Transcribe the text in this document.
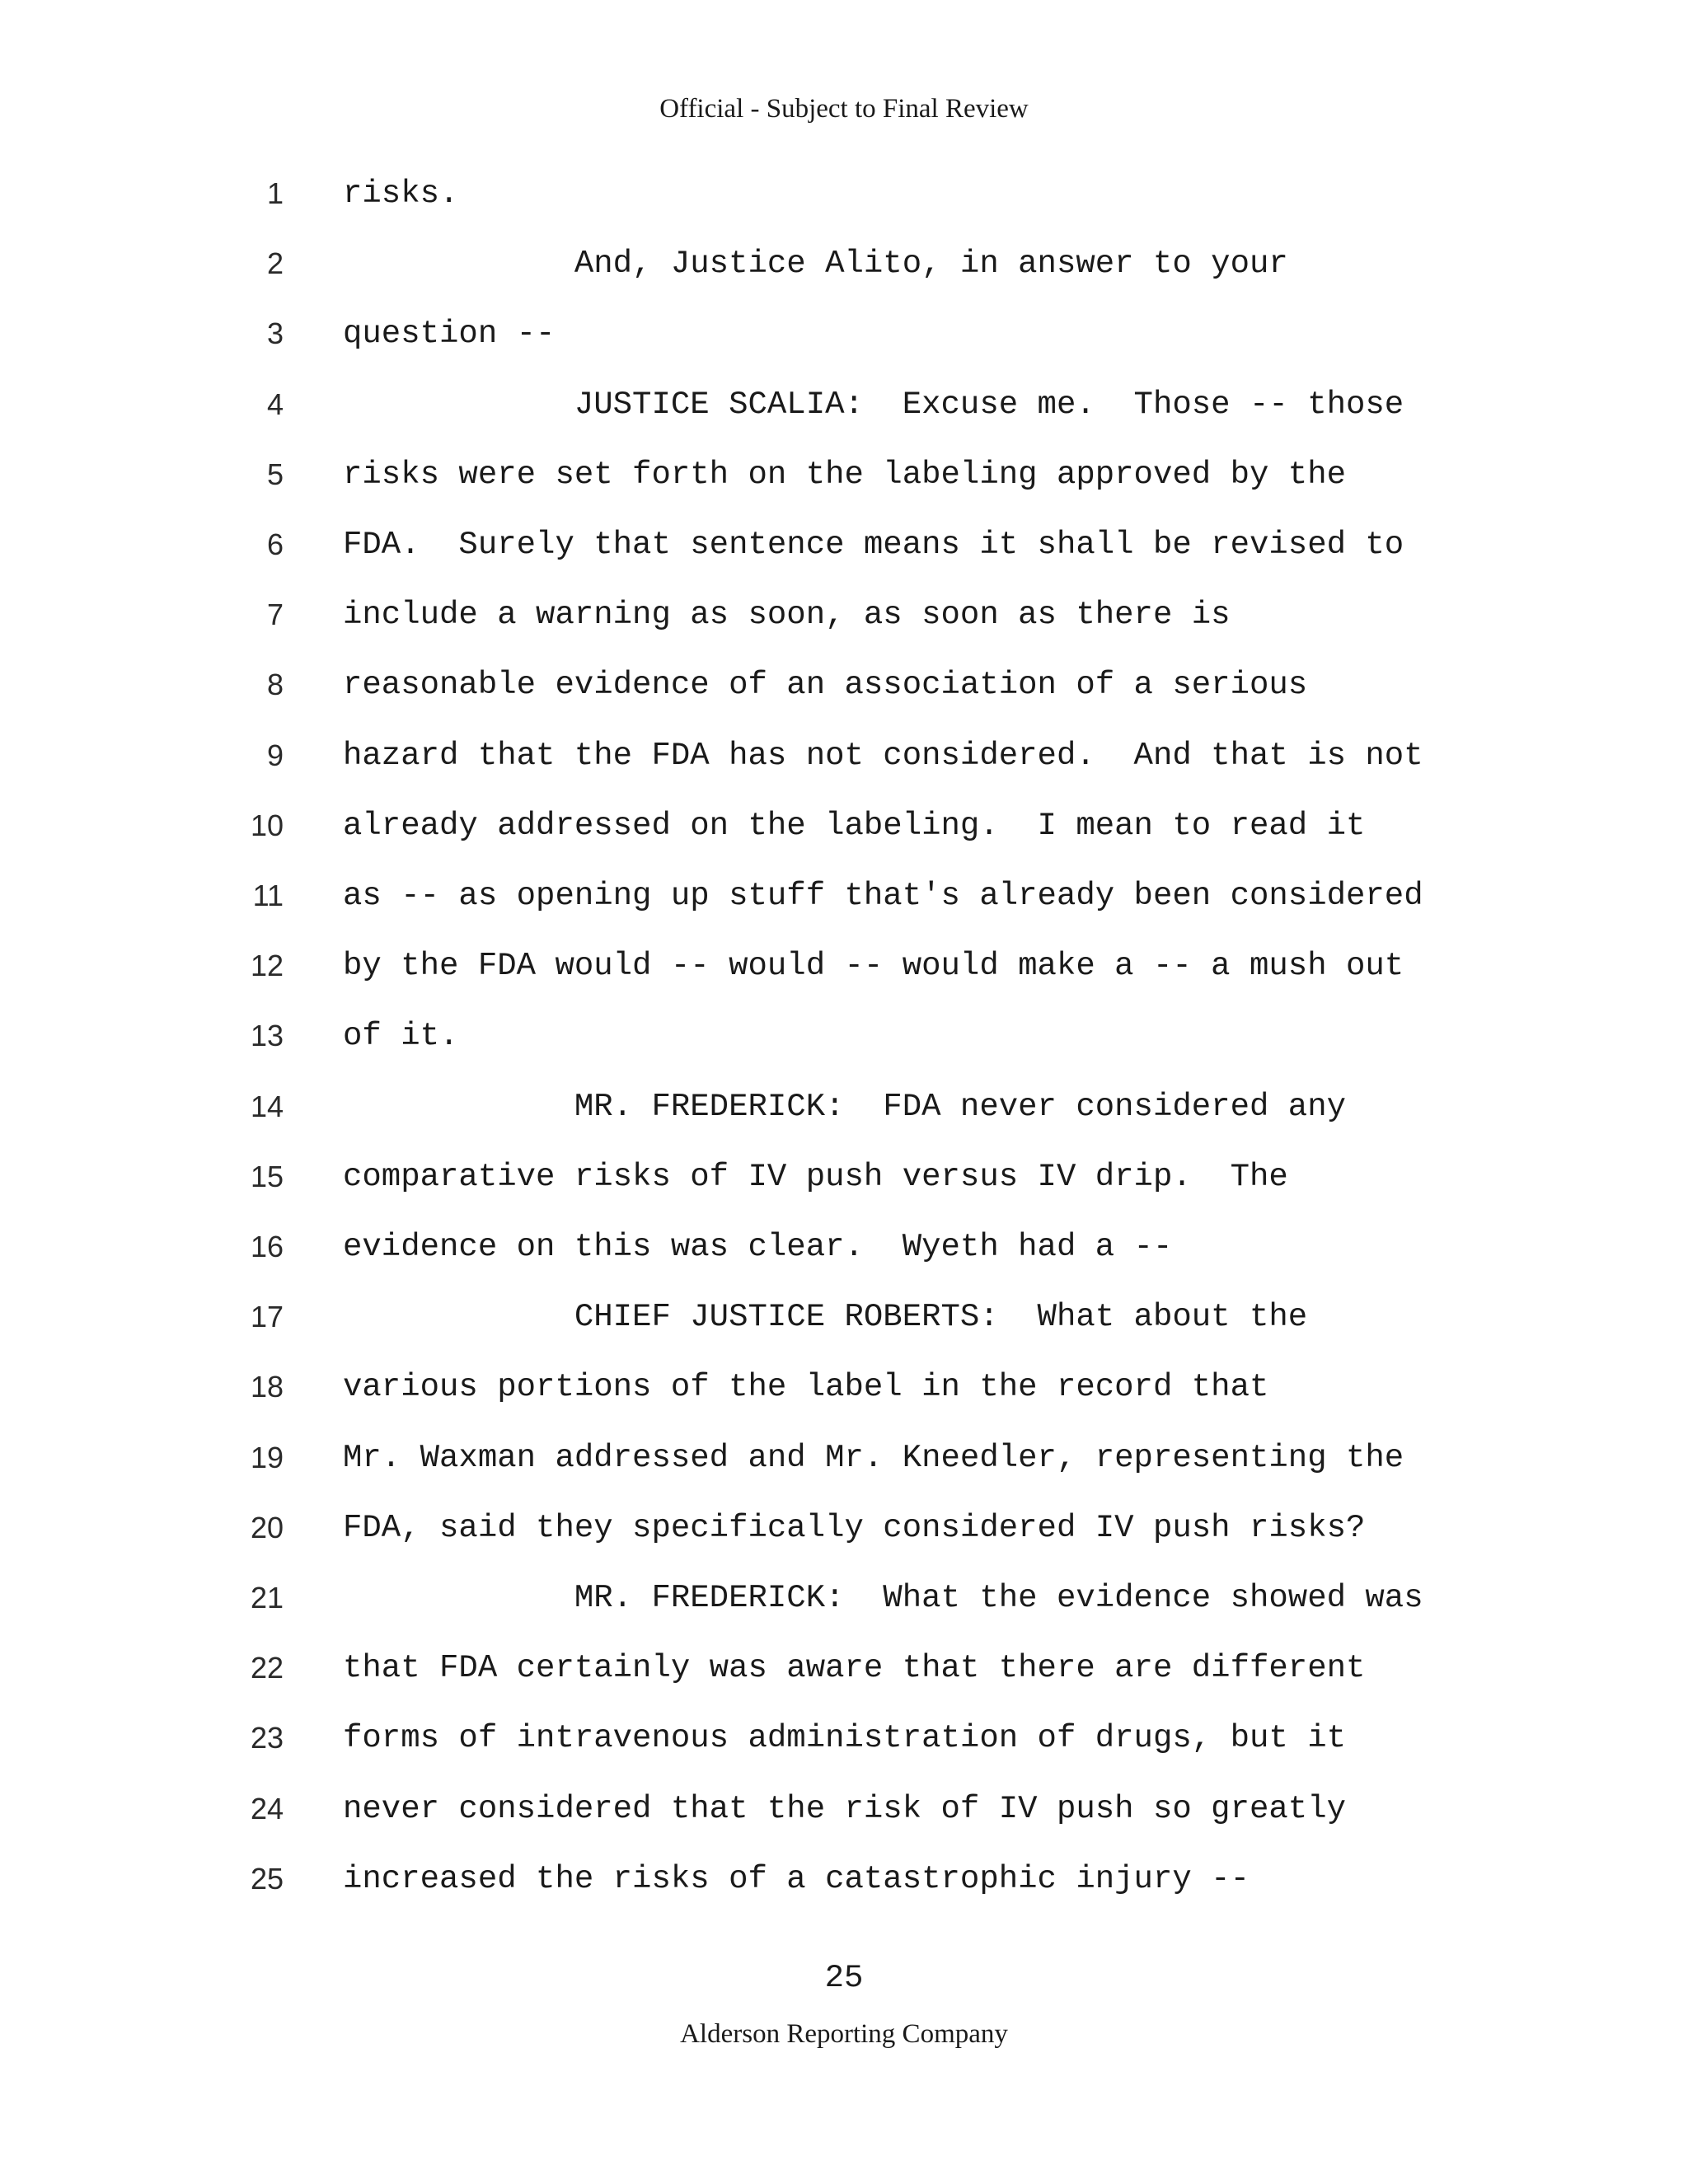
Official - Subject to Final Review
1 risks.
2 And, Justice Alito, in answer to your
3 question --
4 JUSTICE SCALIA:  Excuse me.  Those -- those
5 risks were set forth on the labeling approved by the
6 FDA.  Surely that sentence means it shall be revised to
7 include a warning as soon, as soon as there is
8 reasonable evidence of an association of a serious
9 hazard that the FDA has not considered.  And that is not
10 already addressed on the labeling.  I mean to read it
11 as -- as opening up stuff that's already been considered
12 by the FDA would -- would -- would make a -- a mush out
13 of it.
14 MR. FREDERICK:  FDA never considered any
15 comparative risks of IV push versus IV drip.  The
16 evidence on this was clear.  Wyeth had a --
17 CHIEF JUSTICE ROBERTS:  What about the
18 various portions of the label in the record that
19 Mr. Waxman addressed and Mr. Kneedler, representing the
20 FDA, said they specifically considered IV push risks?
21 MR. FREDERICK:  What the evidence showed was
22 that FDA certainly was aware that there are different
23 forms of intravenous administration of drugs, but it
24 never considered that the risk of IV push so greatly
25 increased the risks of a catastrophic injury --
25
Alderson Reporting Company
